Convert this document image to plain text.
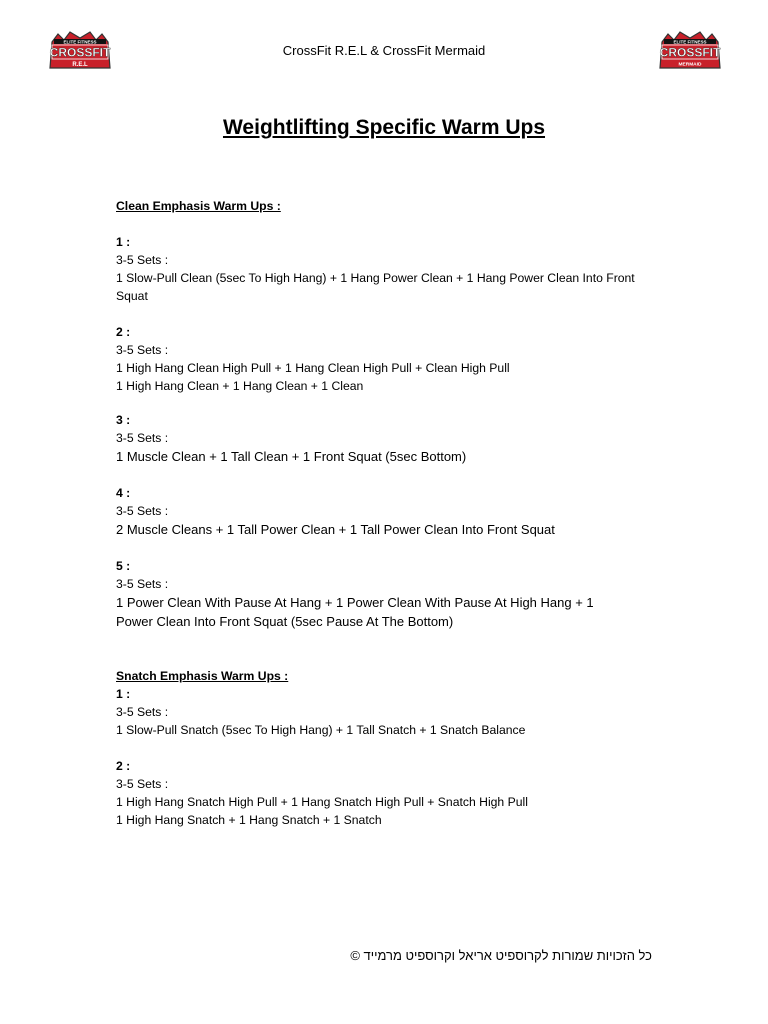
ELITE FITNESS
CROSSFIT
R.E.L
CrossFit R.E.L & CrossFit Mermaid
ELITE FITNESS
CROSSFIT
MERMAID
Weightlifting Specific Warm Ups
Clean Emphasis Warm Ups :
1 :
3-5 Sets :
1 Slow-Pull Clean (5sec To High Hang) + 1 Hang Power Clean + 1 Hang Power Clean Into Front
Squat
2 :
3-5 Sets :
1 High Hang Clean High Pull + 1 Hang Clean High Pull + Clean High Pull
1 High Hang Clean + 1 Hang Clean + 1 Clean
3 :
3-5 Sets :
1 Muscle Clean + 1 Tall Clean + 1 Front Squat (5sec Bottom)
4 :
3-5 Sets :
2 Muscle Cleans + 1 Tall Power Clean + 1 Tall Power Clean Into Front Squat
5 :
3-5 Sets :
1 Power Clean With Pause At Hang + 1 Power Clean With Pause At High Hang + 1
Power Clean Into Front Squat (5sec Pause At The Bottom)
Snatch Emphasis Warm Ups :
1 :
3-5 Sets :
1 Slow-Pull Snatch (5sec To High Hang) + 1 Tall Snatch + 1 Snatch Balance
2 :
3-5 Sets :
1 High Hang Snatch High Pull + 1 Hang Snatch High Pull + Snatch High Pull
1 High Hang Snatch + 1 Hang Snatch + 1 Snatch
כל הזכויות שמורות לקרוספיט אריאל וקרוספיט מרמייד ©
